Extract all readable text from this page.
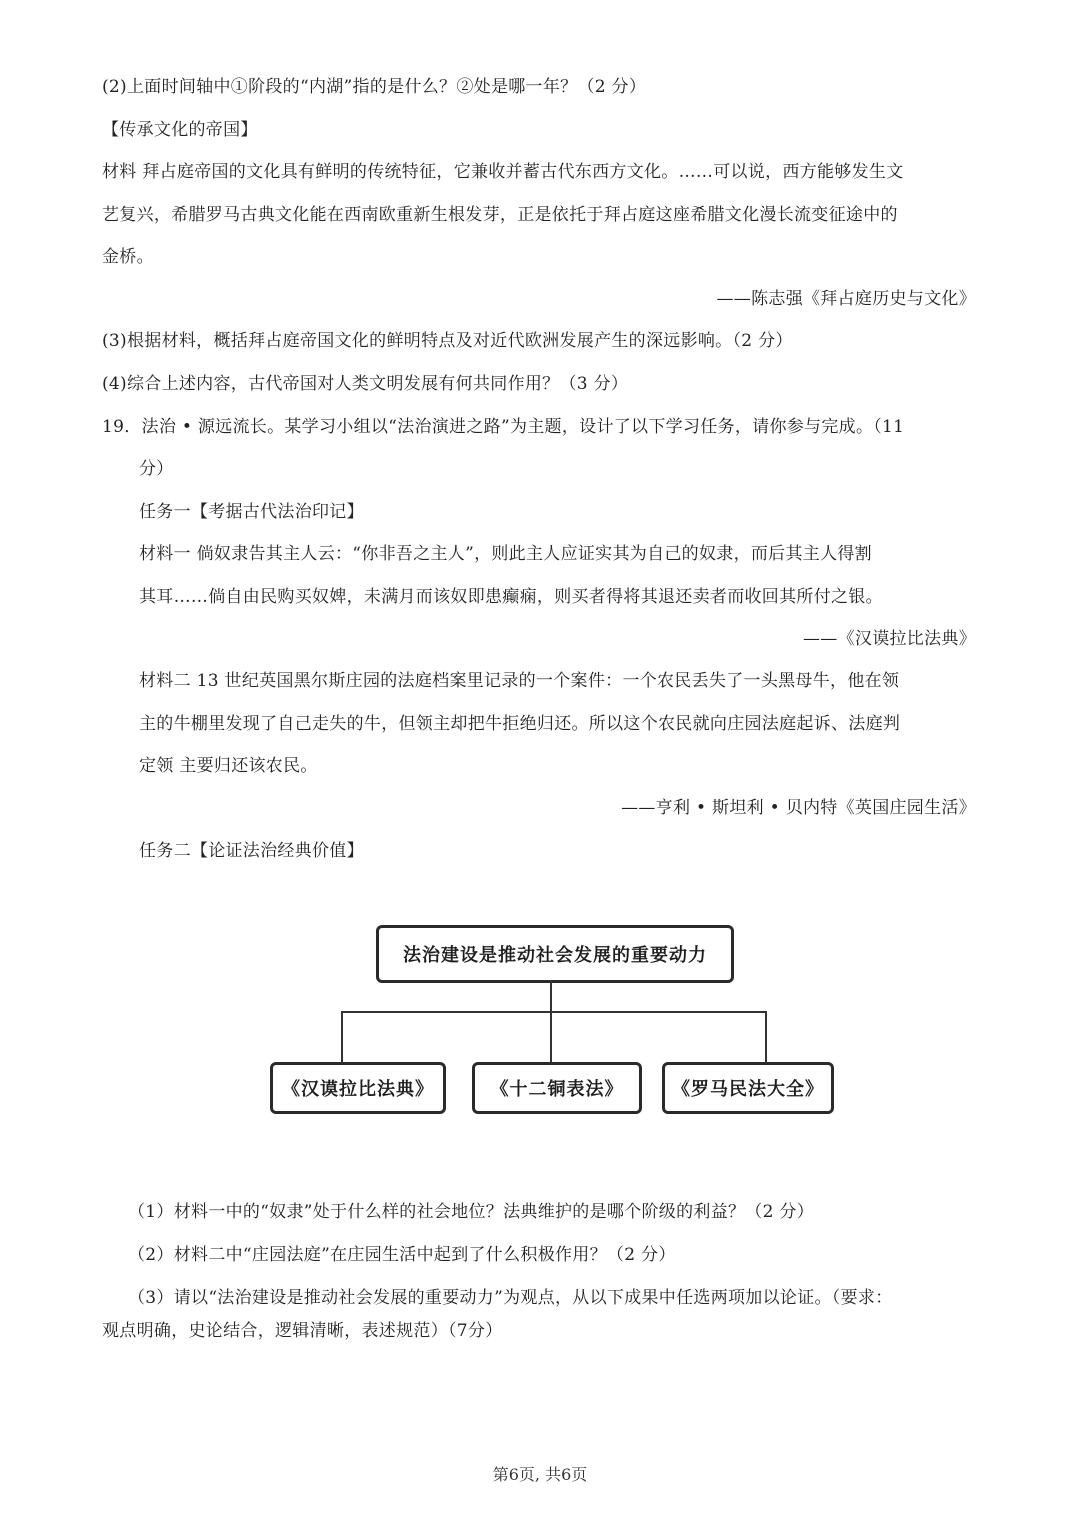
(2)上面时间轴中①阶段的“内湖”指的是什么？②处是哪一年？（2 分）
【传承文化的帝国】
材料 拜占庭帝国的文化具有鲜明的传统特征，它兼收并蓄古代东西方文化。……可以说，西方能够发生文
艺复兴，希腊罗马古典文化能在西南欧重新生根发芽，正是依托于拜占庭这座希腊文化漫长流变征途中的
金桥。
——陈志强《拜占庭历史与文化》
(3)根据材料，概括拜占庭帝国文化的鲜明特点及对近代欧洲发展产生的深远影响。（2 分）
(4)综合上述内容，古代帝国对人类文明发展有何共同作用？（3 分）
19．法治 • 源远流长。某学习小组以“法治演进之路”为主题，设计了以下学习任务，请你参与完成。（11
分）
任务一【考据古代法治印记】
材料一 倘奴隶告其主人云：“你非吾之主人”，则此主人应证实其为自己的奴隶，而后其主人得割
其耳……倘自由民购买奴婢，未满月而该奴即患癫痫，则买者得将其退还卖者而收回其所付之银。
——《汉谟拉比法典》
材料二 13 世纪英国黑尔斯庄园的法庭档案里记录的一个案件：一个农民丢失了一头黑母牛，他在领
主的牛棚里发现了自己走失的牛，但领主却把牛拒绝归还。所以这个农民就向庄园法庭起诉、法庭判
定领 主要归还该农民。
——亨利 • 斯坦利 • 贝内特《英国庄园生活》
任务二【论证法治经典价值】
法治建设是推动社会发展的重要动力
《汉谟拉比法典》	《十二铜表法》	《罗马民法大全》
（1）材料一中的“奴隶”处于什么样的社会地位？法典维护的是哪个阶级的利益？（2 分）
（2）材料二中“庄园法庭”在庄园生活中起到了什么积极作用？（2 分）
（3）请以“法治建设是推动社会发展的重要动力”为观点，从以下成果中任选两项加以论证。（要求：
观点明确，史论结合，逻辑清晰，表述规范）（7分）
第6页, 共6页
